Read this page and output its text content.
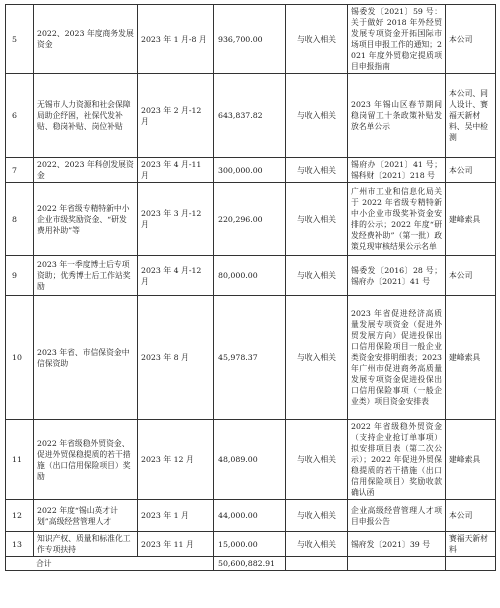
5	2022、2023 年度商务发展资金	2023 年 1 月-8 月	936,700.00	与收入相关	锡委发〔2021〕59 号：关于做好 2018 年外经贸发展专项资金开拓国际市场项目申报工作的通知；2021 年度外贸稳定提质项目申报指南	本公司
6	无锡市人力资源和社会保障局助企纾困，社保代发补贴、稳岗补贴、岗位补贴	2023 年 2 月-12 月	643,837.82	与收入相关	2023 年锡山区春节期间稳岗留工十条政策补贴发放名单公示	本公司、同人设计、赛福天新材料、吴中检测
7	2022、2023 年科创发展资金	2023 年 4 月-11 月	300,000.00	与收入相关	锡府办〔2021〕41 号；锡科财〔2021〕218 号	本公司
8	2022 年省级专精特新中小企业市级奖励资金、“研发费用补助”等	2023 年 3 月-12 月	220,296.00	与收入相关	广州市工业和信息化局关于 2022 年省级专精特新中小企业市级奖补资金安排的公示；2022 年度“研发经费补助”（第一批）政策兑现审核结果公示名单	建峰索具
9	2023 年一季度博士后专项资助；优秀博士后工作站奖励	2023 年 4 月-12 月	80,000.00	与收入相关	锡委发〔2016〕28 号；锡府办〔2021〕41 号	本公司
10	2023 年省、市信保资金中信保资助	2023 年 8 月	45,978.37	与收入相关	2023 年省促进经济高质量发展专项资金（促进外贸发展方向）促进投保出口信用保险项目一般企业类资金安排明细表；2023 年广州市促进商务高质量发展专项资金促进投保出口信用保险事项（一般企业类）项目资金安排表	建峰索具
11	2022 年省级稳外贸资金、促进外贸保稳提质的若干措施（出口信用保险项目）奖励	2023 年 12 月	48,089.00	与收入相关	2022 年省级稳外贸资金（支持企业抢订单事项）拟安排项目表（第二次公示）；2022 年促进外贸保稳提质的若干措施（出口信用保险项目）奖励收款确认函	建峰索具
12	2022 年度“锡山英才计划”高级经营管理人才	2023 年 1 月	44,000.00	与收入相关	企业高级经营管理人才项目申报公告	本公司
13	知识产权、质量和标准化工作专项扶持	2023 年 11 月	15,000.00	与收入相关	锡府发〔2021〕39 号	赛福天新材料
合计			50,600,882.91			
